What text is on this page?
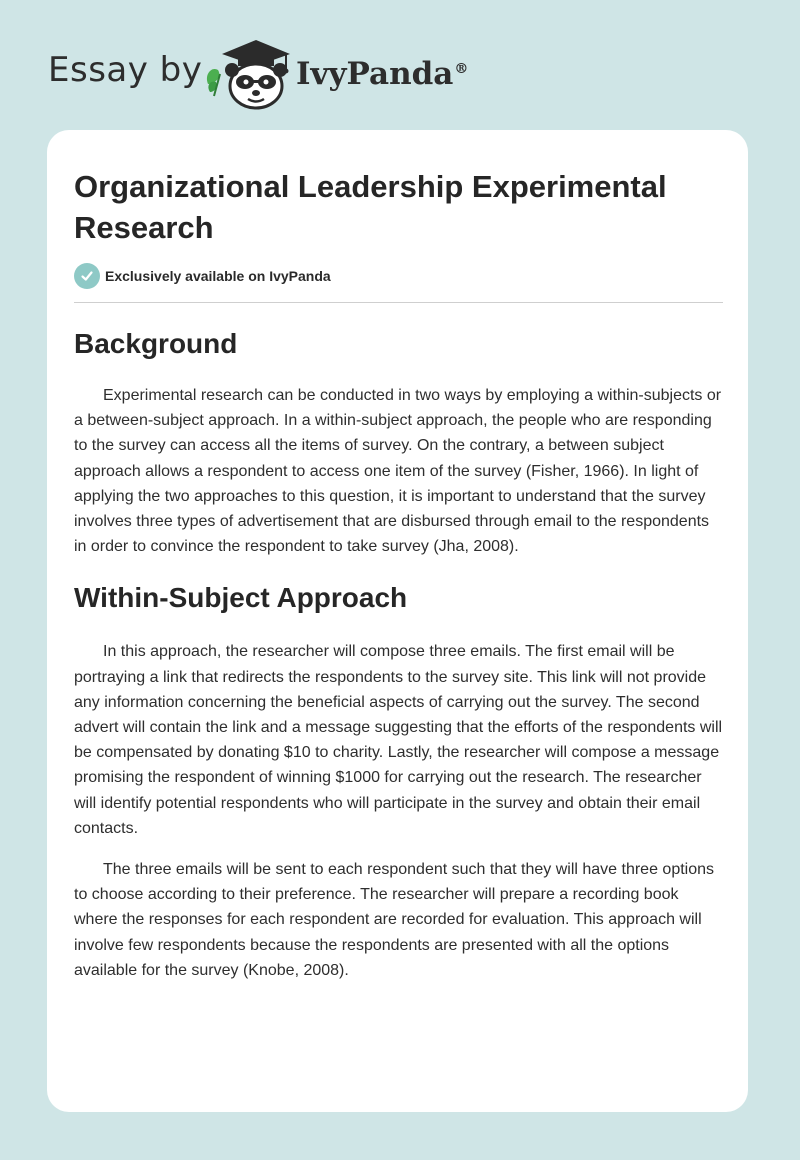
Essay by	IvyPanda®
Organizational Leadership Experimental Research
Exclusively available on IvyPanda
Background

Experimental research can be conducted in two ways by employing a within-subjects or a between-subject approach. In a within-subject approach, the people who are responding to the survey can access all the items of survey. On the contrary, a between subject approach allows a respondent to access one item of the survey (Fisher, 1966). In light of applying the two approaches to this question, it is important to understand that the survey involves three types of advertisement that are disbursed through email to the respondents in order to convince the respondent to take survey (Jha, 2008).

Within-Subject Approach

In this approach, the researcher will compose three emails. The first email will be portraying a link that redirects the respondents to the survey site. This link will not provide any information concerning the beneficial aspects of carrying out the survey. The second advert will contain the link and a message suggesting that the efforts of the respondents will be compensated by donating $10 to charity. Lastly, the researcher will compose a message promising the respondent of winning $1000 for carrying out the research. The researcher will identify potential respondents who will participate in the survey and obtain their email contacts.

The three emails will be sent to each respondent such that they will have three options to choose according to their preference. The researcher will prepare a recording book where the responses for each respondent are recorded for evaluation. This approach will involve few respondents because the respondents are presented with all the options available for the survey (Knobe, 2008).
